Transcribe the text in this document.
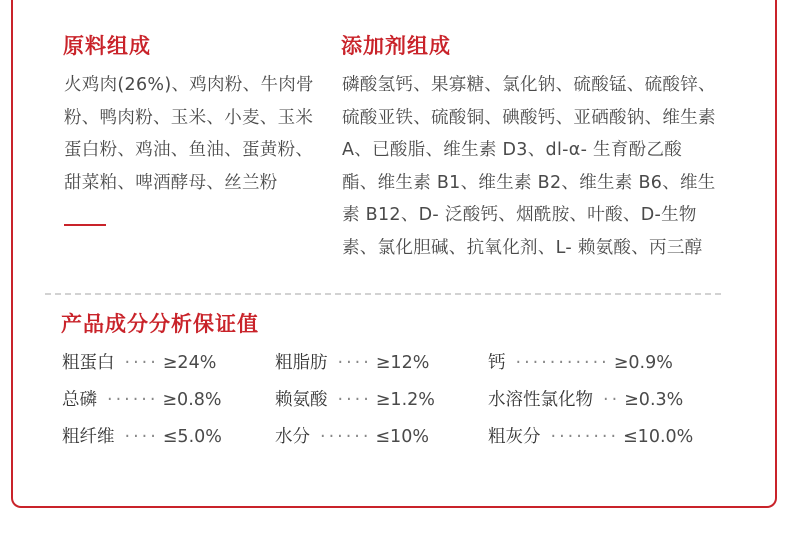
原料组成
火鸡肉(26%)、鸡肉粉、牛肉骨粉、鸭肉粉、玉米、小麦、玉米蛋白粉、鸡油、鱼油、蛋黄粉、甜菜粕、啤酒酵母、丝兰粉
添加剂组成
磷酸氢钙、果寡糖、氯化钠、硫酸锰、硫酸锌、硫酸亚铁、硫酸铜、碘酸钙、亚硒酸钠、维生素 A、已酸脂、维生素 D3、dl-α- 生育酚乙酸酯、维生素 B1、维生素 B2、维生素 B6、维生素 B12、D- 泛酸钙、烟酰胺、叶酸、D-生物素、氯化胆碱、抗氧化剂、L- 赖氨酸、丙三醇
产品成分分析保证值
粗蛋白 ···· ≥24%	粗脂肪 ···· ≥12%	钙 ··········· ≥0.9%
总磷 ······ ≥0.8%	赖氨酸 ···· ≥1.2%	水溶性氯化物 ·· ≥0.3%
粗纤维 ···· ≤5.0%	水分 ······ ≤10%	粗灰分 ········ ≤10.0%
